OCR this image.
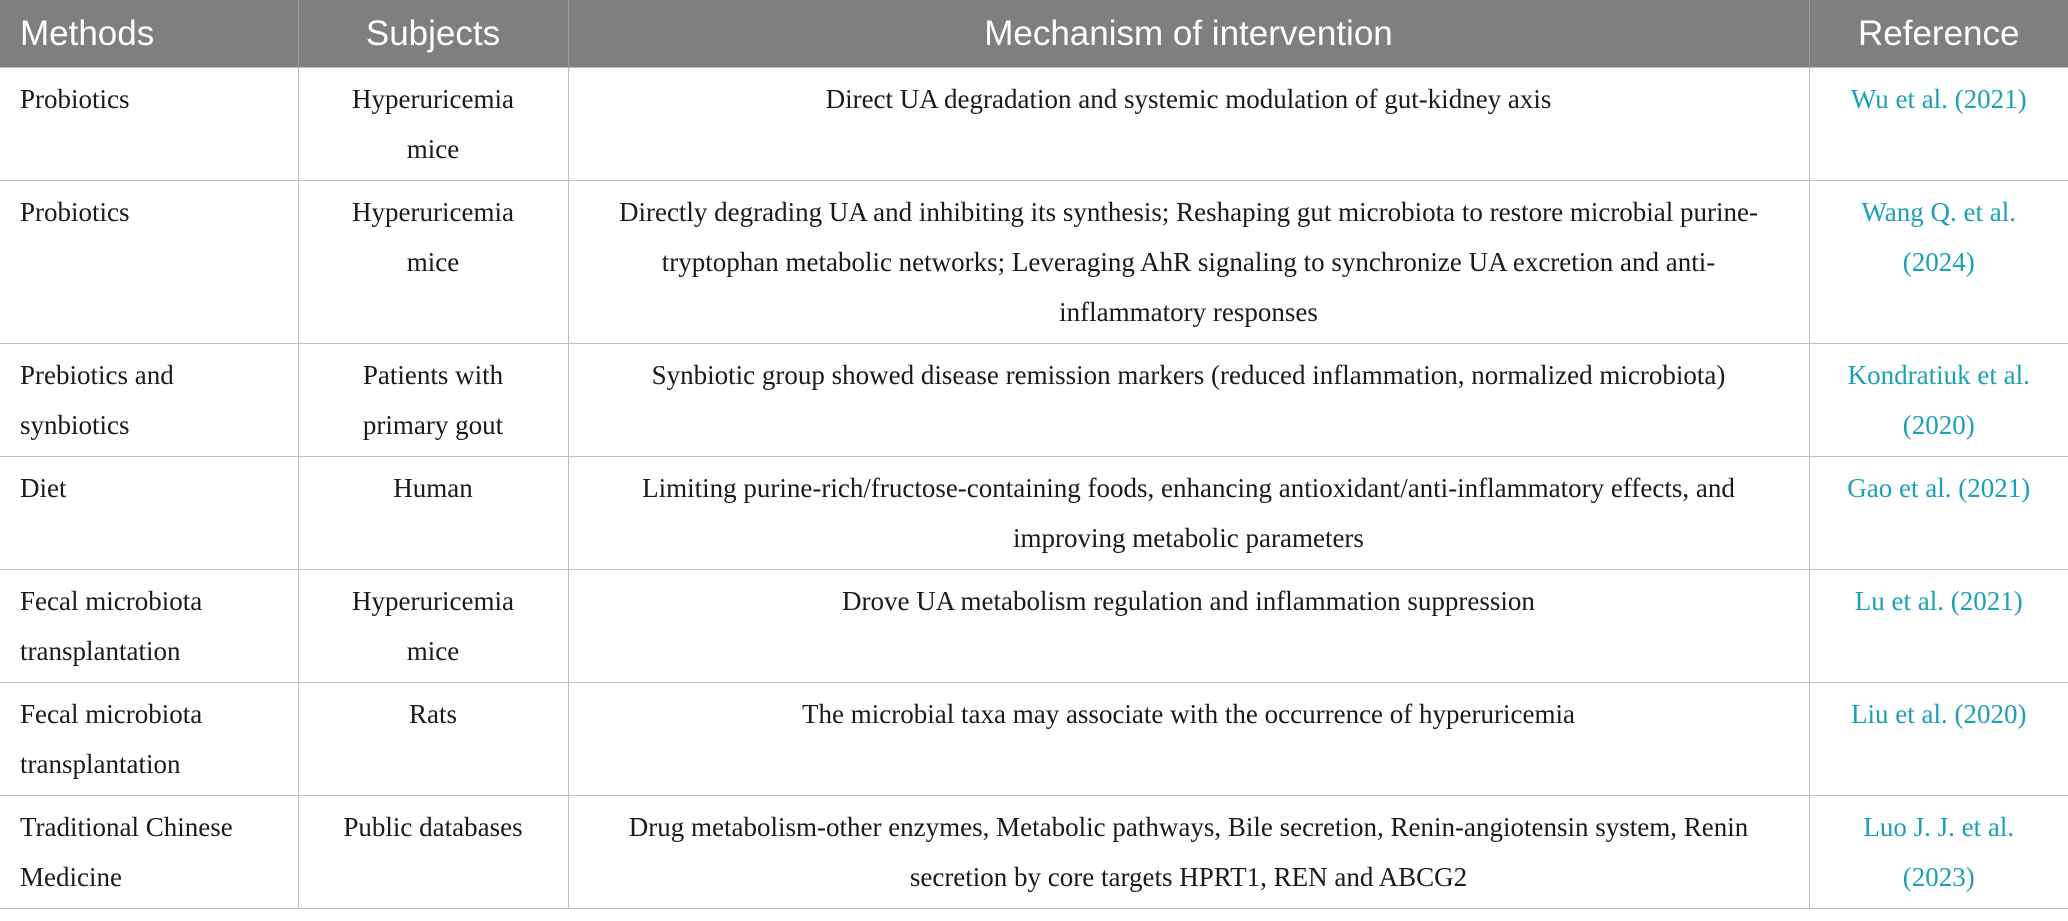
Methods	Subjects	Mechanism of intervention	Reference
Probiotics	Hyperuricemia mice	Direct UA degradation and systemic modulation of gut-kidney axis	Wu et al. (2021)
Probiotics	Hyperuricemia mice	Directly degrading UA and inhibiting its synthesis; Reshaping gut microbiota to restore microbial purine-tryptophan metabolic networks; Leveraging AhR signaling to synchronize UA excretion and anti-inflammatory responses	Wang Q. et al. (2024)
Prebiotics and synbiotics	Patients with primary gout	Synbiotic group showed disease remission markers (reduced inflammation, normalized microbiota)	Kondratiuk et al. (2020)
Diet	Human	Limiting purine-rich/fructose-containing foods, enhancing antioxidant/anti-inflammatory effects, and improving metabolic parameters	Gao et al. (2021)
Fecal microbiota transplantation	Hyperuricemia mice	Drove UA metabolism regulation and inflammation suppression	Lu et al. (2021)
Fecal microbiota transplantation	Rats	The microbial taxa may associate with the occurrence of hyperuricemia	Liu et al. (2020)
Traditional Chinese Medicine	Public databases	Drug metabolism-other enzymes, Metabolic pathways, Bile secretion, Renin-angiotensin system, Renin secretion by core targets HPRT1, REN and ABCG2	Luo J. J. et al. (2023)
